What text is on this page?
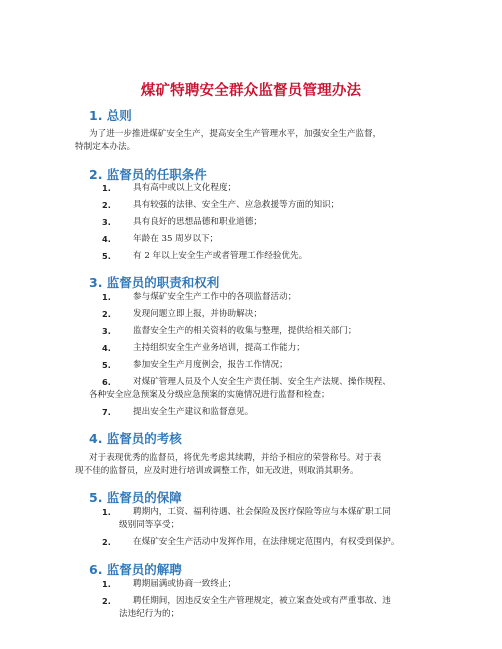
煤矿特聘安全群众监督员管理办法
1. 总则
为了进一步推进煤矿安全生产，提高安全生产管理水平，加强安全生产监督，
特制定本办法。
2. 监督员的任职条件
1.	具有高中或以上文化程度；
2.	具有较强的法律、安全生产、应急救援等方面的知识；
3.	具有良好的思想品德和职业道德；
4.	年龄在 35 周岁以下；
5.	有 2 年以上安全生产或者管理工作经验优先。
3. 监督员的职责和权利
1.	参与煤矿安全生产工作中的各项监督活动；
2.	发现问题立即上报，并协助解决；
3.	监督安全生产的相关资料的收集与整理，提供给相关部门；
4.	主持组织安全生产业务培训，提高工作能力；
5.	参加安全生产月度例会，报告工作情况；
6.	对煤矿管理人员及个人安全生产责任制、安全生产法规、操作规程、
各种安全应急预案及分级应急预案的实施情况进行监督和检查；
7.	提出安全生产建议和监督意见。
4. 监督员的考核
对于表现优秀的监督员，将优先考虑其续聘，并给予相应的荣誉称号。对于表
现不佳的监督员，应及时进行培训或调整工作，如无改进，则取消其职务。
5. 监督员的保障
1.	聘期内，工资、福利待遇、社会保险及医疗保险等应与本煤矿职工同
级别同等享受；
2.	在煤矿安全生产活动中发挥作用，在法律规定范围内，有权受到保护。
6. 监督员的解聘
1.	聘期届满或协商一致终止；
2.	聘任期间，因违反安全生产管理规定，被立案查处或有严重事故、违
法违纪行为的；
